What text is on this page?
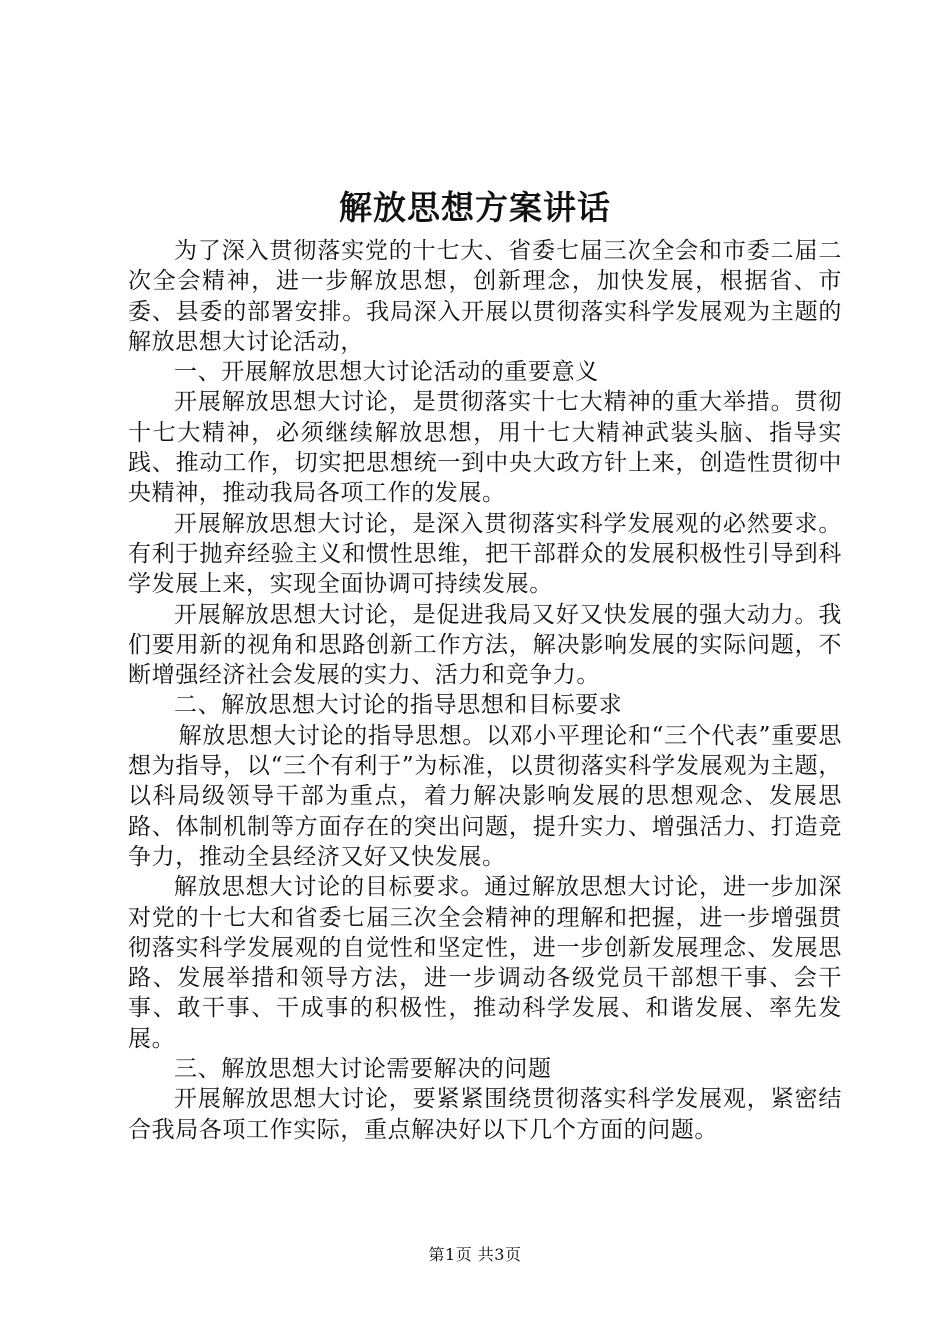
解放思想方案讲话

为了深入贯彻落实党的十七大、省委七届三次全会和市委二届二次全会精神，进一步解放思想，创新理念，加快发展，根据省、市委、县委的部署安排。我局深入开展以贯彻落实科学发展观为主题的解放思想大讨论活动，

一、开展解放思想大讨论活动的重要意义

开展解放思想大讨论，是贯彻落实十七大精神的重大举措。贯彻十七大精神，必须继续解放思想，用十七大精神武装头脑、指导实践、推动工作，切实把思想统一到中央大政方针上来，创造性贯彻中央精神，推动我局各项工作的发展。

开展解放思想大讨论，是深入贯彻落实科学发展观的必然要求。有利于抛弃经验主义和惯性思维，把干部群众的发展积极性引导到科学发展上来，实现全面协调可持续发展。

开展解放思想大讨论，是促进我局又好又快发展的强大动力。我们要用新的视角和思路创新工作方法，解决影响发展的实际问题，不断增强经济社会发展的实力、活力和竞争力。

二、解放思想大讨论的指导思想和目标要求

解放思想大讨论的指导思想。以邓小平理论和“三个代表”重要思想为指导，以“三个有利于”为标准，以贯彻落实科学发展观为主题，以科局级领导干部为重点，着力解决影响发展的思想观念、发展思路、体制机制等方面存在的突出问题，提升实力、增强活力、打造竞争力，推动全县经济又好又快发展。

解放思想大讨论的目标要求。通过解放思想大讨论，进一步加深对党的十七大和省委七届三次全会精神的理解和把握，进一步增强贯彻落实科学发展观的自觉性和坚定性，进一步创新发展理念、发展思路、发展举措和领导方法，进一步调动各级党员干部想干事、会干事、敢干事、干成事的积极性，推动科学发展、和谐发展、率先发展。

三、解放思想大讨论需要解决的问题

开展解放思想大讨论，要紧紧围绕贯彻落实科学发展观，紧密结合我局各项工作实际，重点解决好以下几个方面的问题。

第1页 共3页
